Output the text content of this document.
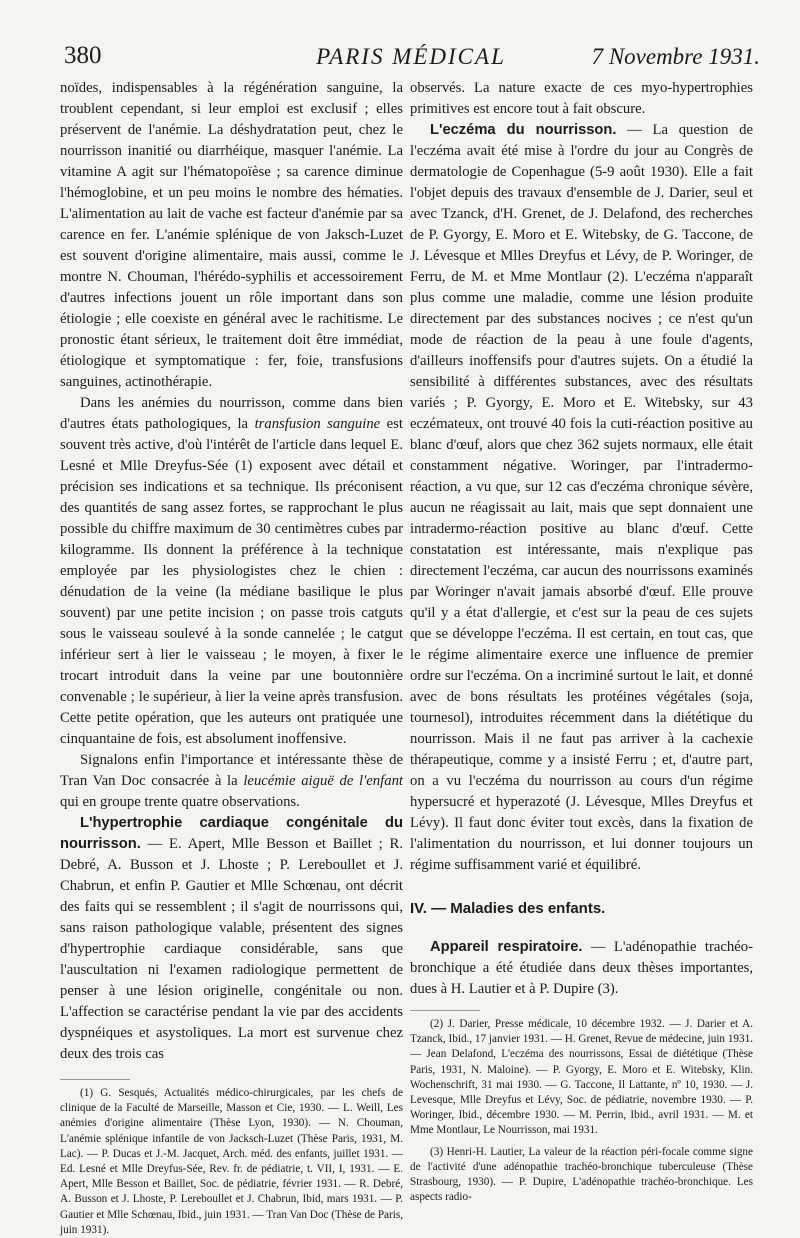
380	PARIS MÉDICAL	7 Novembre 1931.

noïdes, indispensables à la régénération sanguine, la troublent cependant, si leur emploi est exclusif ; elles préservent de l'anémie. La déshydratation peut, chez le nourrisson inanitié ou diarrhéique, masquer l'anémie. La vitamine A agit sur l'hématopoïèse ; sa carence diminue l'hémoglobine, et un peu moins le nombre des hématies. L'alimentation au lait de vache est facteur d'anémie par sa carence en fer. L'anémie splénique de von Jaksch-Luzet est souvent d'origine alimentaire, mais aussi, comme le montre N. Chouman, l'hérédo-syphilis et accessoirement d'autres infections jouent un rôle important dans son étiologie ; elle coexiste en général avec le rachitisme. Le pronostic étant sérieux, le traitement doit être immédiat, étiologique et symptomatique : fer, foie, transfusions sanguines, actinothérapie.

Dans les anémies du nourrisson, comme dans bien d'autres états pathologiques, la transfusion sanguine est souvent très active, d'où l'intérêt de l'article dans lequel E. Lesné et Mlle Dreyfus-Sée (1) exposent avec détail et précision ses indications et sa technique. Ils préconisent des quantités de sang assez fortes, se rapprochant le plus possible du chiffre maximum de 30 centimètres cubes par kilogramme. Ils donnent la préférence à la technique employée par les physiologistes chez le chien : dénudation de la veine (la médiane basilique le plus souvent) par une petite incision ; on passe trois catguts sous le vaisseau soulevé à la sonde cannelée ; le catgut inférieur sert à lier le vaisseau ; le moyen, à fixer le trocart introduit dans la veine par une boutonnière convenable ; le supérieur, à lier la veine après transfusion. Cette petite opération, que les auteurs ont pratiquée une cinquantaine de fois, est absolument inoffensive.

Signalons enfin l'importance et intéressante thèse de Tran Van Doc consacrée à la leucémie aiguë de l'enfant qui en groupe trente quatre observations.

L'hypertrophie cardiaque congénitale du nourrisson. — E. Apert, Mlle Besson et Baillet ; R. Debré, A. Busson et J. Lhoste ; P. Lereboullet et J. Chabrun, et enfin P. Gautier et Mlle Schœnau, ont décrit des faits qui se ressemblent ; il s'agit de nourrissons qui, sans raison pathologique valable, présentent des signes d'hypertrophie cardiaque considérable, sans que l'auscultation ni l'examen radiologique permettent de penser à une lésion originelle, congénitale ou non. L'affection se caractérise pendant la vie par des accidents dyspnéiques et asystoliques. La mort est survenue chez deux des trois cas

(1) G. Sesqués, Actualités médico-chirurgicales, par les chefs de clinique de la Faculté de Marseille, Masson et Cie, 1930. — L. Weill, Les anémies d'origine alimentaire (Thèse Lyon, 1930). — N. Chouman, L'anémie splénique infantile de von Jacksch-Luzet (Thèse Paris, 1931, M. Lac). — P. Ducas et J.-M. Jacquet, Arch. méd. des enfants, juillet 1931. — Ed. Lesné et Mlle Dreyfus-Sée, Rev. fr. de pédiatrie, t. VII, I, 1931. — E. Apert, Mlle Besson et Baillet, Soc. de pédiatrie, février 1931. — R. Debré, A. Busson et J. Lhoste, P. Lereboullet et J. Chabrun, Ibid, mars 1931. — P. Gautier et Mlle Schœnau, Ibid., juin 1931. — Tran Van Doc (Thèse de Paris, juin 1931).

observés. La nature exacte de ces myo-hypertrophies primitives est encore tout à fait obscure.

L'eczéma du nourrisson. — La question de l'eczéma avait été mise à l'ordre du jour au Congrès de dermatologie de Copenhague (5-9 août 1930). Elle a fait l'objet depuis des travaux d'ensemble de J. Darier, seul et avec Tzanck, d'H. Grenet, de J. Delafond, des recherches de P. Gyorgy, E. Moro et E. Witebsky, de G. Taccone, de J. Lévesque et Mlles Dreyfus et Lévy, de P. Woringer, de Ferru, de M. et Mme Montlaur (2). L'eczéma n'apparaît plus comme une maladie, comme une lésion produite directement par des substances nocives ; ce n'est qu'un mode de réaction de la peau à une foule d'agents, d'ailleurs inoffensifs pour d'autres sujets. On a étudié la sensibilité à différentes substances, avec des résultats variés ; P. Gyorgy, E. Moro et E. Witebsky, sur 43 eczémateux, ont trouvé 40 fois la cuti-réaction positive au blanc d'œuf, alors que chez 362 sujets normaux, elle était constamment négative. Woringer, par l'intradermo-réaction, a vu que, sur 12 cas d'eczéma chronique sévère, aucun ne réagissait au lait, mais que sept donnaient une intradermo-réaction positive au blanc d'œuf. Cette constatation est intéressante, mais n'explique pas directement l'eczéma, car aucun des nourrissons examinés par Woringer n'avait jamais absorbé d'œuf. Elle prouve qu'il y a état d'allergie, et c'est sur la peau de ces sujets que se développe l'eczéma. Il est certain, en tout cas, que le régime alimentaire exerce une influence de premier ordre sur l'eczéma. On a incriminé surtout le lait, et donné avec de bons résultats les protéines végétales (soja, tournesol), introduites récemment dans la diététique du nourrisson. Mais il ne faut pas arriver à la cachexie thérapeutique, comme y a insisté Ferru ; et, d'autre part, on a vu l'eczéma du nourrisson au cours d'un régime hypersucré et hyperazoté (J. Lévesque, Mlles Dreyfus et Lévy). Il faut donc éviter tout excès, dans la fixation de l'alimentation du nourrisson, et lui donner toujours un régime suffisamment varié et équilibré.

IV. — Maladies des enfants.

Appareil respiratoire. — L'adénopathie trachéo-bronchique a été étudiée dans deux thèses importantes, dues à H. Lautier et à P. Dupire (3).

(2) J. Darier, Presse médicale, 10 décembre 1932. — J. Darier et A. Tzanck, Ibid., 17 janvier 1931. — H. Grenet, Revue de médecine, juin 1931. — Jean Delafond, L'eczéma des nourrissons, Essai de diététique (Thèse Paris, 1931, N. Maloine). — P. Gyorgy, E. Moro et E. Witebsky, Klin. Wochenschrift, 31 mai 1930. — G. Taccone, Il Lattante, nº 10, 1930. — J. Levesque, Mlle Dreyfus et Lévy, Soc. de pédiatrie, novembre 1930. — P. Woringer, Ibid., décembre 1930. — M. Perrin, Ibid., avril 1931. — M. et Mme Montlaur, Le Nourrisson, mai 1931.

(3) Henri-H. Lautier, La valeur de la réaction péri-focale comme signe de l'activité d'une adénopathie trachéo-bronchique tuberculeuse (Thèse Strasbourg, 1930). — P. Dupire, L'adénopathie trachéo-bronchique. Les aspects radio-
